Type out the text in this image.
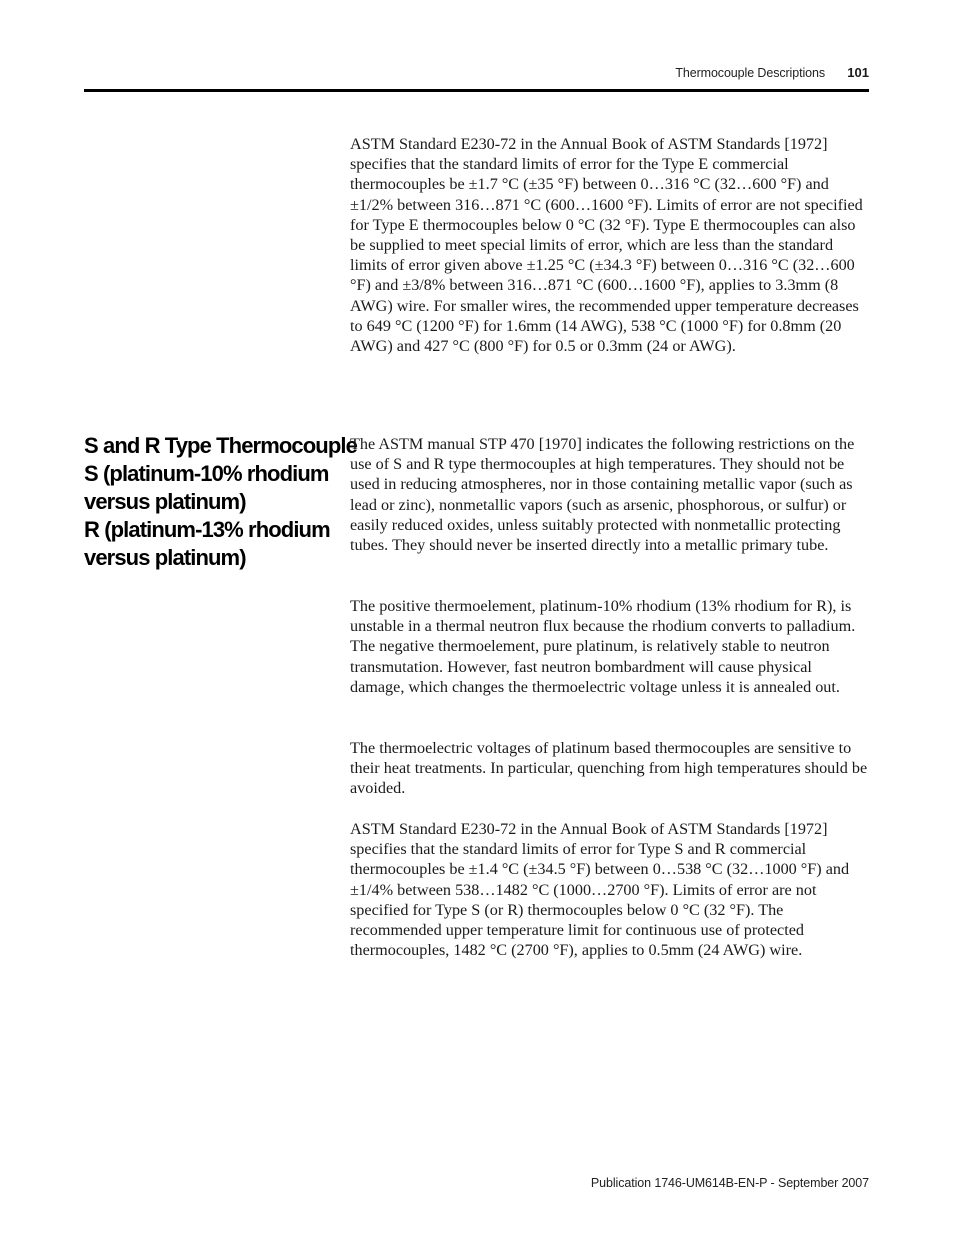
Thermocouple Descriptions 101

ASTM Standard E230-72 in the Annual Book of ASTM Standards [1972] specifies that the standard limits of error for the Type E commercial thermocouples be ±1.7 °C (±35 °F) between 0…316 °C (32…600 °F) and ±1/2% between 316…871 °C (600…1600 °F). Limits of error are not specified for Type E thermocouples below 0 °C (32 °F). Type E thermocouples can also be supplied to meet special limits of error, which are less than the standard limits of error given above ±1.25 °C (±34.3 °F) between 0…316 °C (32…600 °F) and ±3/8% between 316…871 °C (600…1600 °F), applies to 3.3mm (8 AWG) wire. For smaller wires, the recommended upper temperature decreases to 649 °C (1200 °F) for 1.6mm (14 AWG), 538 °C (1000 °F) for 0.8mm (20 AWG) and 427 °C (800 °F) for 0.5 or 0.3mm (24 or AWG).

S and R Type Thermocouple
S (platinum-10% rhodium
versus platinum)
R (platinum-13% rhodium
versus platinum)

The ASTM manual STP 470 [1970] indicates the following restrictions on the use of S and R type thermocouples at high temperatures. They should not be used in reducing atmospheres, nor in those containing metallic vapor (such as lead or zinc), nonmetallic vapors (such as arsenic, phosphorous, or sulfur) or easily reduced oxides, unless suitably protected with nonmetallic protecting tubes. They should never be inserted directly into a metallic primary tube.

The positive thermoelement, platinum-10% rhodium (13% rhodium for R), is unstable in a thermal neutron flux because the rhodium converts to palladium. The negative thermoelement, pure platinum, is relatively stable to neutron transmutation. However, fast neutron bombardment will cause physical damage, which changes the thermoelectric voltage unless it is annealed out.

The thermoelectric voltages of platinum based thermocouples are sensitive to their heat treatments. In particular, quenching from high temperatures should be avoided.

ASTM Standard E230-72 in the Annual Book of ASTM Standards [1972] specifies that the standard limits of error for Type S and R commercial thermocouples be ±1.4 °C (±34.5 °F) between 0…538 °C (32…1000 °F) and ±1/4% between 538…1482 °C (1000…2700 °F). Limits of error are not specified for Type S (or R) thermocouples below 0 °C (32 °F). The recommended upper temperature limit for continuous use of protected thermocouples, 1482 °C (2700 °F), applies to 0.5mm (24 AWG) wire.

Publication 1746-UM614B-EN-P - September 2007
